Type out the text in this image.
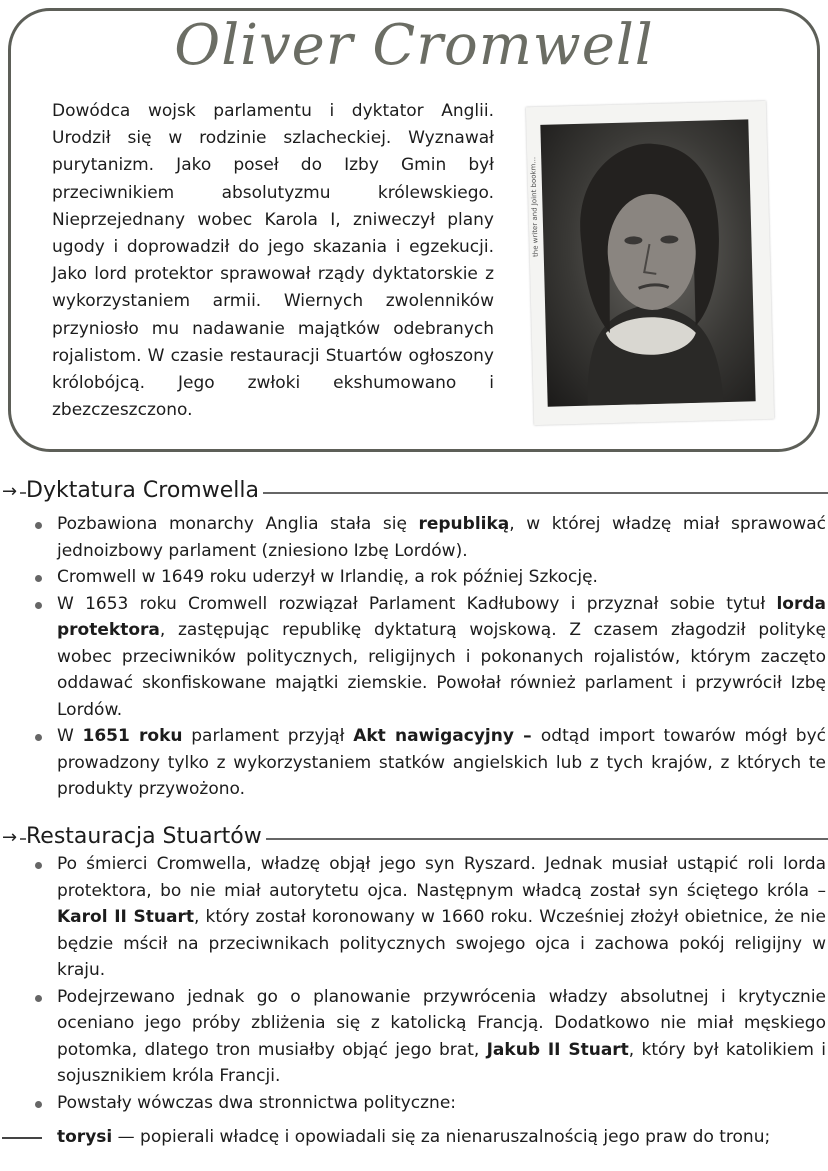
Oliver Cromwell
Dowódca wojsk parlamentu i dyktator Anglii. Urodził się w rodzinie szlacheckiej. Wyznawał purytanizm. Jako poseł do Izby Gmin był przeciwnikiem absolutyzmu królewskiego. Nieprzejednany wobec Karola I, zniweczył plany ugody i doprowadził do jego skazania i egzekucji. Jako lord protektor sprawował rządy dyktatorskie z wykorzystaniem armii. Wiernych zwolenników przyniosło mu nadawanie majątków odebranych rojalistom. W czasie restauracji Stuartów ogłoszony królobójcą. Jego zwłoki ekshumowano i zbezczeszczono.
the writer and Joint bookm...
→ Dyktatura Cromwella
Pozbawiona monarchy Anglia stała się republiką, w której władzę miał sprawować jednoizbowy parlament (zniesiono Izbę Lordów).
Cromwell w 1649 roku uderzył w Irlandię, a rok później Szkocję.
W 1653 roku Cromwell rozwiązał Parlament Kadłubowy i przyznał sobie tytuł lorda protektora, zastępując republikę dyktaturą wojskową. Z czasem złagodził politykę wobec przeciwników politycznych, religijnych i pokonanych rojalistów, którym zaczęto oddawać skonfiskowane majątki ziemskie. Powołał również parlament i przywrócił Izbę Lordów.
W 1651 roku parlament przyjął Akt nawigacyjny – odtąd import towarów mógł być prowadzony tylko z wykorzystaniem statków angielskich lub z tych krajów, z których te produkty przywożono.
→ Restauracja Stuartów
Po śmierci Cromwella, władzę objął jego syn Ryszard. Jednak musiał ustąpić roli lorda protektora, bo nie miał autorytetu ojca. Następnym władcą został syn ściętego króla – Karol II Stuart, który został koronowany w 1660 roku. Wcześniej złożył obietnice, że nie będzie mścił na przeciwnikach politycznych swojego ojca i zachowa pokój religijny w kraju.
Podejrzewano jednak go o planowanie przywrócenia władzy absolutnej i krytycznie oceniano jego próby zbliżenia się z katolicką Francją. Dodatkowo nie miał męskiego potomka, dlatego tron musiałby objąć jego brat, Jakub II Stuart, który był katolikiem i sojusznikiem króla Francji.
Powstały wówczas dwa stronnictwa polityczne:
torysi — popierali władcę i opowiadali się za nienaruszalnością jego praw do tronu;
